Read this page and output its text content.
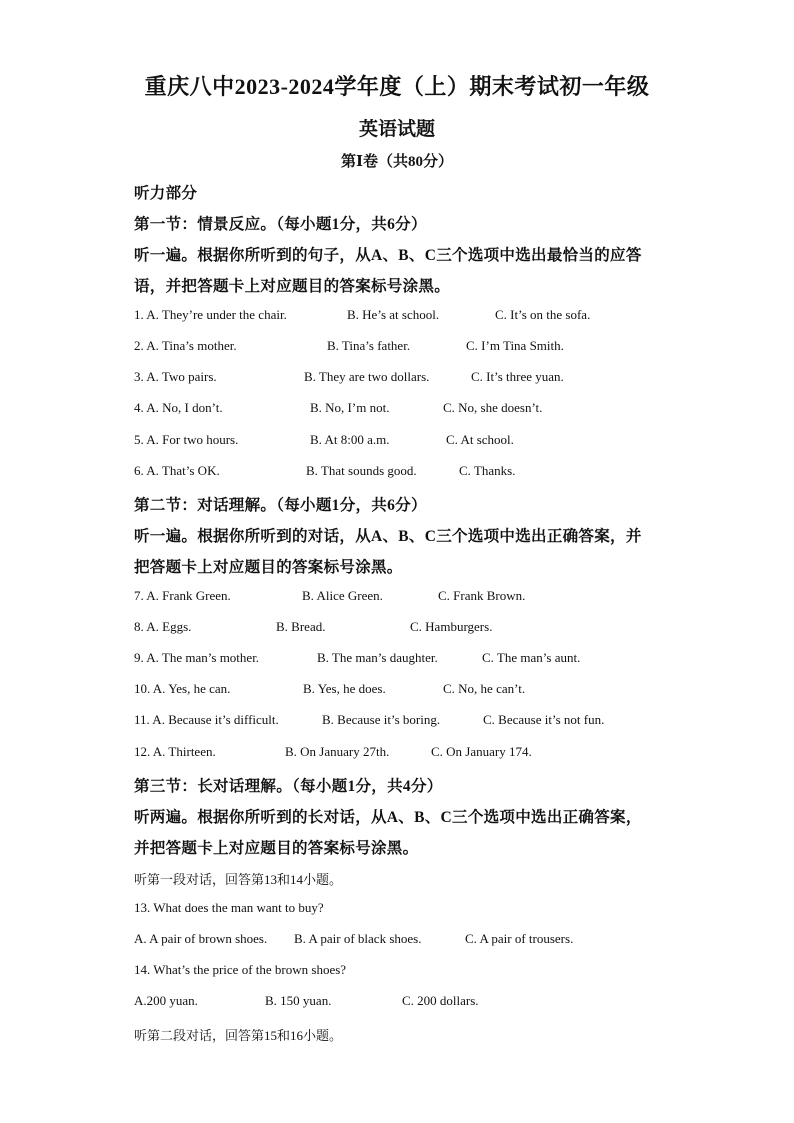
重庆八中2023-2024学年度（上）期末考试初一年级
英语试题
第Ⅰ卷（共80分）
听力部分
第一节：情景反应。（每小题1分，共6分）
听一遍。根据你所听到的句子，从A、B、C三个选项中选出最恰当的应答
语，并把答题卡上对应题目的答案标号涂黑。
1. A. They’re under the chair.	B. He’s at school.	C. It’s on the sofa.
2. A. Tina’s mother.	B. Tina’s father.	C. I’m Tina Smith.
3. A. Two pairs.	B. They are two dollars.	C. It’s three yuan.
4. A. No, I don’t.	B. No, I’m not.	C. No, she doesn’t.
5. A. For two hours.	B. At 8:00 a.m.	C. At school.
6. A. That’s OK.	B. That sounds good.	C. Thanks.
第二节：对话理解。（每小题1分，共6分）
听一遍。根据你所听到的对话，从A、B、C三个选项中选出正确答案，并
把答题卡上对应题目的答案标号涂黑。
7. A. Frank Green.	B. Alice Green.	C. Frank Brown.
8. A. Eggs.	B. Bread.	C. Hamburgers.
9. A. The man’s mother.	B. The man’s daughter.	C. The man’s aunt.
10. A. Yes, he can.	B. Yes, he does.	C. No, he can’t.
11. A. Because it’s difficult.	B. Because it’s boring.	C. Because it’s not fun.
12. A. Thirteen.	B. On January 27th.	C. On January 174.
第三节：长对话理解。（每小题1分，共4分）
听两遍。根据你所听到的长对话，从A、B、C三个选项中选出正确答案，
并把答题卡上对应题目的答案标号涂黑。
听第一段对话，回答第13和14小题。
13. What does the man want to buy?
A. A pair of brown shoes. B. A pair of black shoes.	C. A pair of trousers.
14. What’s the price of the brown shoes?
A.200 yuan.	B. 150 yuan.	C. 200 dollars.
听第二段对话，回答第15和16小题。
